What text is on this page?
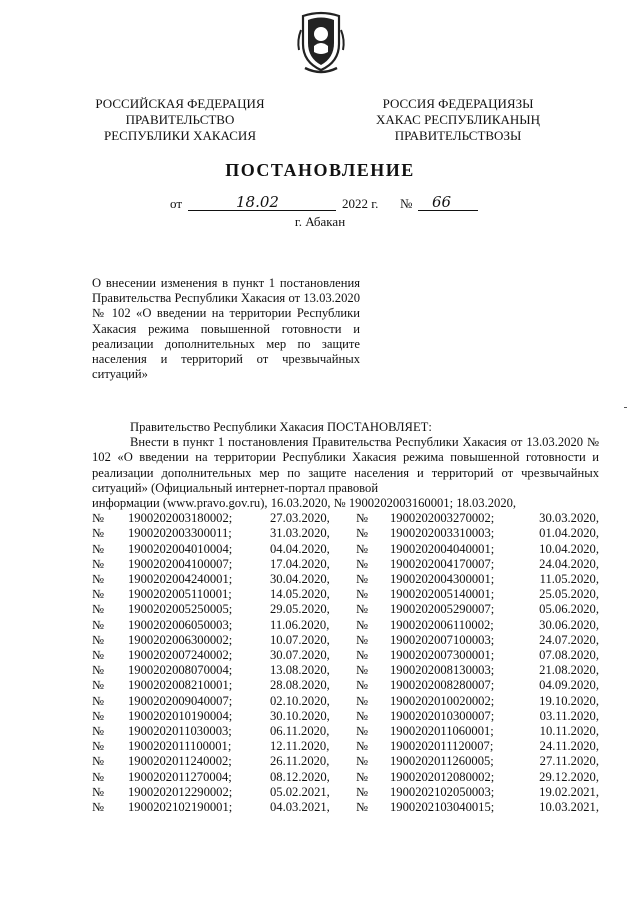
РОССИЙСКАЯ ФЕДЕРАЦИЯ
ПРАВИТЕЛЬСТВО
РЕСПУБЛИКИ ХАКАСИЯ
РОССИЯ ФЕДЕРАЦИЯЗЫ
ХАКАС РЕСПУБЛИКАНЫҢ
ПРАВИТЕЛЬСТВОЗЫ
ПОСТАНОВЛЕНИЕ
от	18.02	2022 г. № 66
г. Абакан

О внесении изменения в пункт 1 постановления Правительства Республики Хакасия от 13.03.2020 № 102 «О введении на территории Республики Хакасия режима повышенной готовности и реализации дополнительных мер по защите населения и территорий от чрезвычайных ситуаций»

Правительство Республики Хакасия ПОСТАНОВЛЯЕТ:

Внести в пункт 1 постановления Правительства Республики Хакасия от 13.03.2020 № 102 «О введении на территории Республики Хакасия режима повышенной готовности и реализации дополнительных мер по защите населения и территорий от чрезвычайных ситуаций» (Официальный интернет-портал правовой

информации (www.pravo.gov.ru), 16.03.2020, № 1900202003160001; 18.03.2020,

№	1900202003180002;	27.03.2020,	№	1900202003270002;	30.03.2020,
№	1900202003300011;	31.03.2020,	№	1900202003310003;	01.04.2020,
№	1900202004010004;	04.04.2020,	№	1900202004040001;	10.04.2020,
№	1900202004100007;	17.04.2020,	№	1900202004170007;	24.04.2020,
№	1900202004240001;	30.04.2020,	№	1900202004300001;	11.05.2020,
№	1900202005110001;	14.05.2020,	№	1900202005140001;	25.05.2020,
№	1900202005250005;	29.05.2020,	№	1900202005290007;	05.06.2020,
№	1900202006050003;	11.06.2020,	№	1900202006110002;	30.06.2020,
№	1900202006300002;	10.07.2020,	№	1900202007100003;	24.07.2020,
№	1900202007240002;	30.07.2020,	№	1900202007300001;	07.08.2020,
№	1900202008070004;	13.08.2020,	№	1900202008130003;	21.08.2020,
№	1900202008210001;	28.08.2020,	№	1900202008280007;	04.09.2020,
№	1900202009040007;	02.10.2020,	№	1900202010020002;	19.10.2020,
№	1900202010190004;	30.10.2020,	№	1900202010300007;	03.11.2020,
№	1900202011030003;	06.11.2020,	№	1900202011060001;	10.11.2020,
№	1900202011100001;	12.11.2020,	№	1900202011120007;	24.11.2020,
№	1900202011240002;	26.11.2020,	№	1900202011260005;	27.11.2020,
№	1900202011270004;	08.12.2020,	№	1900202012080002;	29.12.2020,
№	1900202012290002;	05.02.2021,	№	1900202102050003;	19.02.2021,
№	1900202102190001;	04.03.2021,	№	1900202103040015;	10.03.2021,
